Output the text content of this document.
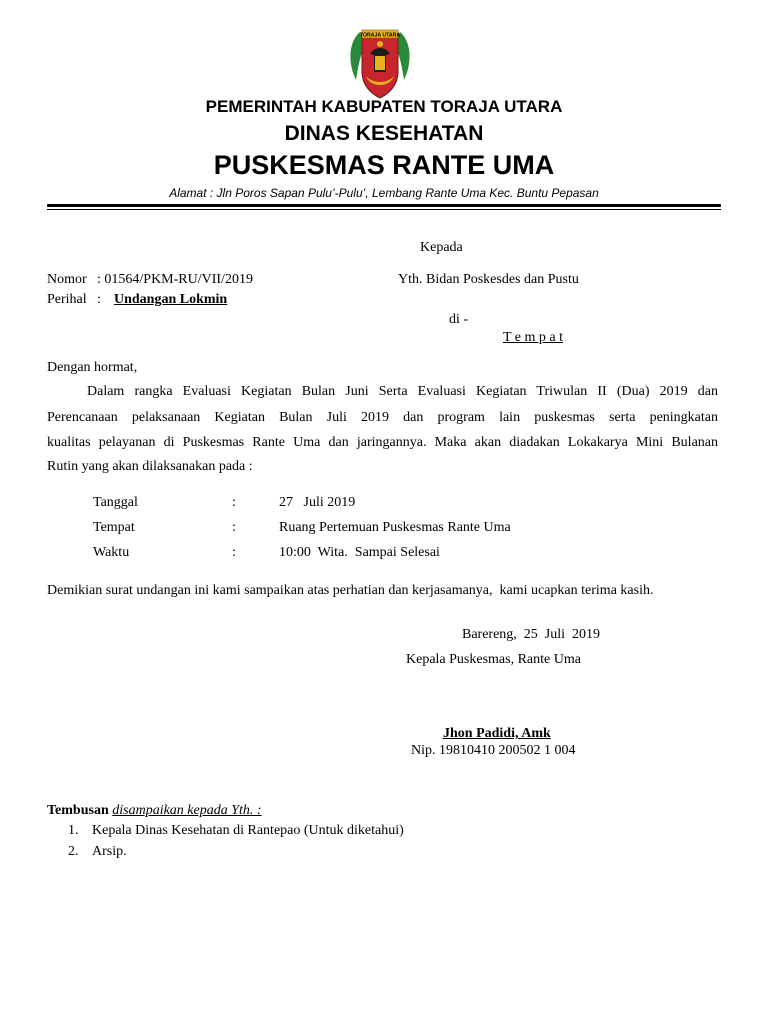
TORAJA UTARA
PEMERINTAH KABUPATEN TORAJA UTARA
DINAS KESEHATAN
PUSKESMAS RANTE UMA
Alamat : Jln Poros Sapan Pulu’-Pulu’, Lembang Rante Uma Kec. Buntu Pepasan
Kepada
Yth. Bidan Poskesdes dan Pustu
di -
T e m p a t
Nomor : 01564/PKM-RU/VII/2019
Perihal : Undangan Lokmin
Dengan hormat,
Dalam rangka Evaluasi Kegiatan Bulan Juni Serta Evaluasi Kegiatan Triwulan II (Dua) 2019 dan
Perencanaan pelaksanaan Kegiatan Bulan Juli 2019 dan program lain puskesmas serta peningkatan
kualitas pelayanan di Puskesmas Rante Uma dan jaringannya. Maka akan diadakan Lokakarya Mini Bulanan
Rutin yang akan dilaksanakan pada :
Tanggal	:	27   Juli 2019
Tempat	:	Ruang Pertemuan Puskesmas Rante Uma
Waktu	:	10:00  Wita.  Sampai Selesai
Demikian surat undangan ini kami sampaikan atas perhatian dan kerjasamanya,  kami ucapkan terima kasih.
Barereng,  25  Juli  2019
Kepala Puskesmas, Rante Uma
Jhon Padidi, Amk
Nip. 19810410 200502 1 004
Tembusan disampaikan kepada Yth. :
1. Kepala Dinas Kesehatan di Rantepao (Untuk diketahui)
2. Arsip.
